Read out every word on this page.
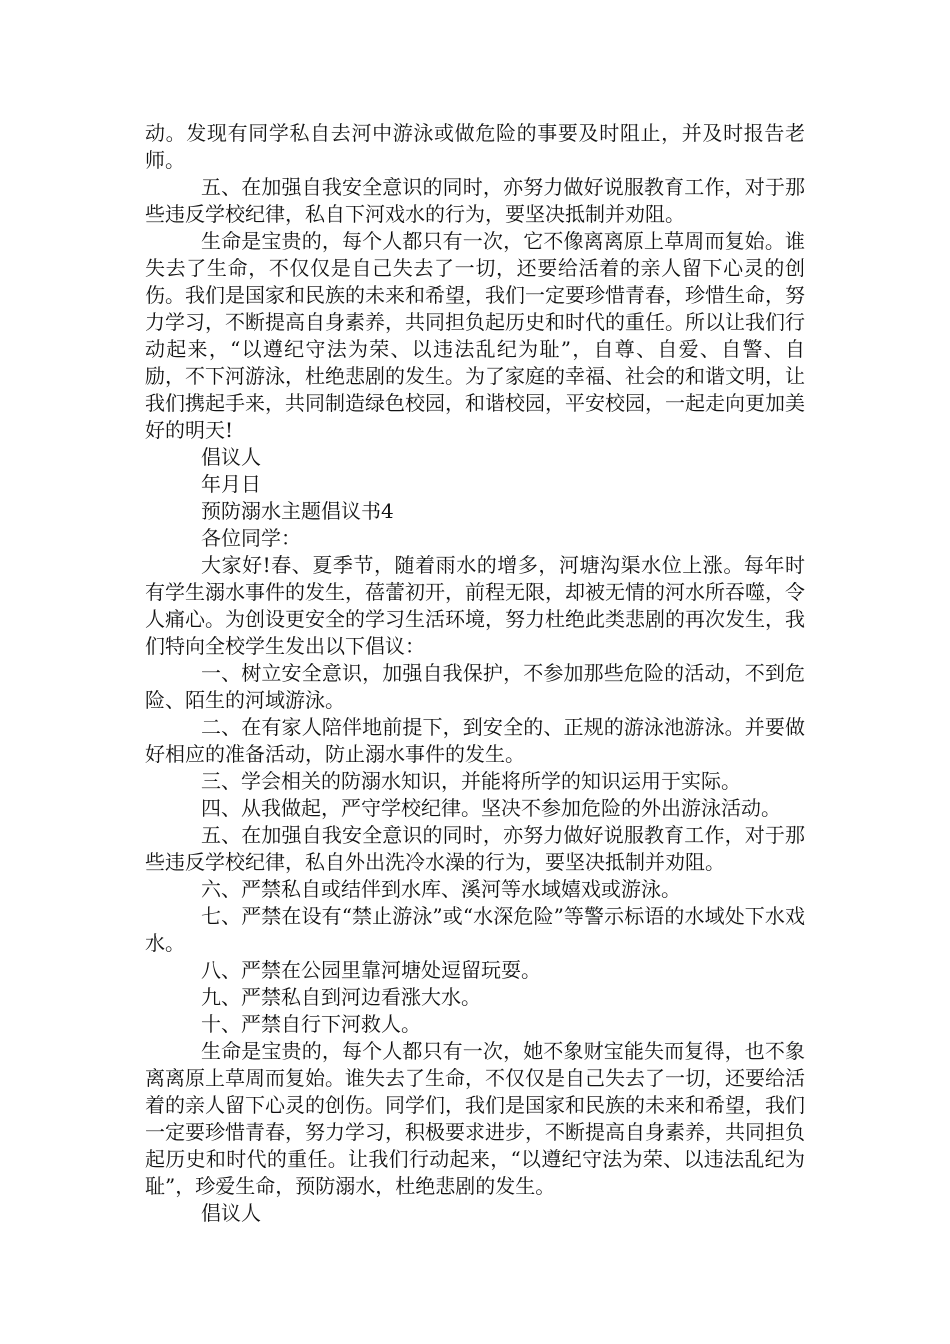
动。发现有同学私自去河中游泳或做危险的事要及时阻止，并及时报告老师。

五、在加强自我安全意识的同时，亦努力做好说服教育工作，对于那些违反学校纪律，私自下河戏水的行为，要坚决抵制并劝阻。

生命是宝贵的，每个人都只有一次，它不像离离原上草周而复始。谁失去了生命，不仅仅是自己失去了一切，还要给活着的亲人留下心灵的创伤。我们是国家和民族的未来和希望，我们一定要珍惜青春，珍惜生命，努力学习，不断提高自身素养，共同担负起历史和时代的重任。所以让我们行动起来，“以遵纪守法为荣、以违法乱纪为耻”，自尊、自爱、自警、自励，不下河游泳，杜绝悲剧的发生。为了家庭的幸福、社会的和谐文明，让我们携起手来，共同制造绿色校园，和谐校园，平安校园，一起走向更加美好的明天!

倡议人

年月日

预防溺水主题倡议书4

各位同学：

大家好!春、夏季节，随着雨水的增多，河塘沟渠水位上涨。每年时有学生溺水事件的发生，蓓蕾初开，前程无限，却被无情的河水所吞噬，令人痛心。为创设更安全的学习生活环境，努力杜绝此类悲剧的再次发生，我们特向全校学生发出以下倡议：

一、树立安全意识，加强自我保护，不参加那些危险的活动，不到危险、陌生的河域游泳。

二、在有家人陪伴地前提下，到安全的、正规的游泳池游泳。并要做好相应的准备活动，防止溺水事件的发生。

三、学会相关的防溺水知识，并能将所学的知识运用于实际。

四、从我做起，严守学校纪律。坚决不参加危险的外出游泳活动。

五、在加强自我安全意识的同时，亦努力做好说服教育工作，对于那些违反学校纪律，私自外出洗冷水澡的行为，要坚决抵制并劝阻。

六、严禁私自或结伴到水库、溪河等水域嬉戏或游泳。

七、严禁在设有“禁止游泳”或“水深危险”等警示标语的水域处下水戏水。

八、严禁在公园里靠河塘处逗留玩耍。

九、严禁私自到河边看涨大水。

十、严禁自行下河救人。

生命是宝贵的，每个人都只有一次，她不象财宝能失而复得，也不象离离原上草周而复始。谁失去了生命，不仅仅是自己失去了一切，还要给活着的亲人留下心灵的创伤。同学们，我们是国家和民族的未来和希望，我们一定要珍惜青春，努力学习，积极要求进步，不断提高自身素养，共同担负起历史和时代的重任。让我们行动起来，“以遵纪守法为荣、以违法乱纪为耻”，珍爱生命，预防溺水，杜绝悲剧的发生。

倡议人
